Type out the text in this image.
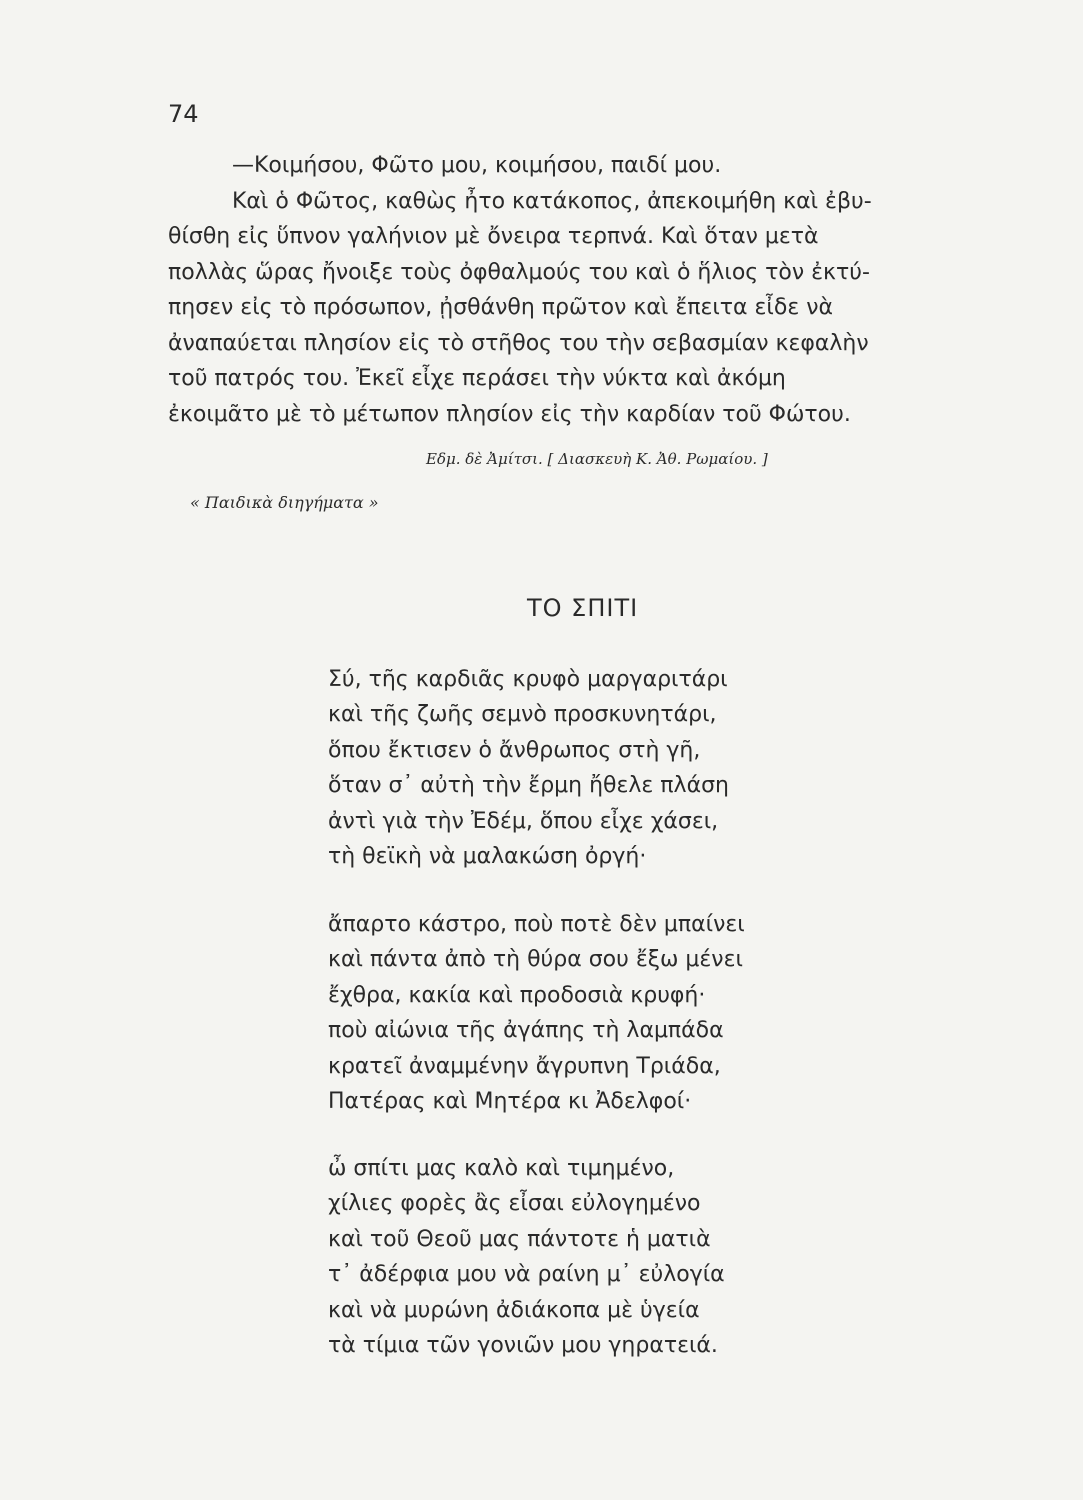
74
—Κοιμήσου, Φῶτο μου, κοιμήσου, παιδί μου.
Καὶ ὁ Φῶτος, καθὼς ἦτο κατάκοπος, ἀπεκοιμήθη καὶ ἐβυ-
θίσθη εἰς ὕπνον γαλήνιον μὲ ὄνειρα τερπνά. Καὶ ὅταν μετὰ
πολλὰς ὥρας ἤνοιξε τοὺς ὀφθαλμούς του καὶ ὁ ἥλιος τὸν ἐκτύ-
πησεν εἰς τὸ πρόσωπον, ᾐσθάνθη πρῶτον καὶ ἔπειτα εἶδε νὰ
ἀναπαύεται πλησίον εἰς τὸ στῆθος του τὴν σεβασμίαν κεφαλὴν
τοῦ πατρός του. Ἐκεῖ εἶχε περάσει τὴν νύκτα καὶ ἀκόμη
ἐκοιμᾶτο μὲ τὸ μέτωπον πλησίον εἰς τὴν καρδίαν τοῦ Φώτου.
Εδμ. δὲ Ἀμίτσι. [ Διασκευὴ Κ. Ἀθ. Ρωμαίου. ]
« Παιδικὰ διηγήματα »
ΤΟ ΣΠΙΤΙ
Σύ, τῆς καρδιᾶς κρυφὸ μαργαριτάρι
καὶ τῆς ζωῆς σεμνὸ προσκυνητάρι,
ὅπου ἔκτισεν ὁ ἄνθρωπος στὴ γῆ,
ὅταν σ᾽ αὐτὴ τὴν ἔρμη ἤθελε πλάση
ἀντὶ γιὰ τὴν Ἐδέμ, ὅπου εἶχε χάσει,
τὴ θεϊκὴ νὰ μαλακώση ὀργή·
ἄπαρτο κάστρο, ποὺ ποτὲ δὲν μπαίνει
καὶ πάντα ἀπὸ τὴ θύρα σου ἔξω μένει
ἔχθρα, κακία καὶ προδοσιὰ κρυφή·
ποὺ αἰώνια τῆς ἀγάπης τὴ λαμπάδα
κρατεῖ ἀναμμένην ἄγρυπνη Τριάδα,
Πατέρας καὶ Μητέρα κι Ἀδελφοί·
ὦ σπίτι μας καλὸ καὶ τιμημένο,
χίλιες φορὲς ἂς εἶσαι εὐλογημένο
καὶ τοῦ Θεοῦ μας πάντοτε ἡ ματιὰ
τ᾽ ἀδέρφια μου νὰ ραίνη μ᾽ εὐλογία
καὶ νὰ μυρώνη ἀδιάκοπα μὲ ὑγεία
τὰ τίμια τῶν γονιῶν μου γηρατειά.
